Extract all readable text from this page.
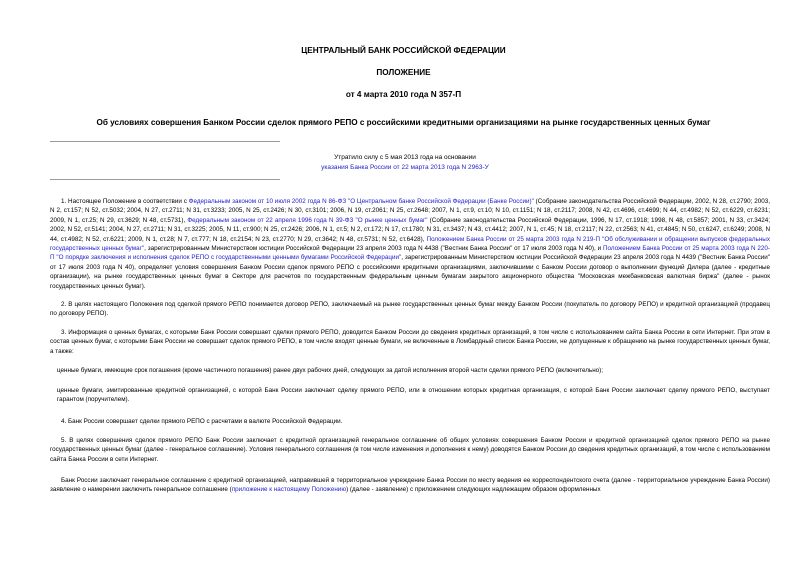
ЦЕНТРАЛЬНЫЙ БАНК РОССИЙСКОЙ ФЕДЕРАЦИИ
ПОЛОЖЕНИЕ
от 4 марта 2010 года N 357-П
Об условиях совершения Банком России сделок прямого РЕПО с российскими кредитными организациями на рынке государственных ценных бумаг
Утратило силу с 5 мая 2013 года на основании
указания Банка России от 22 марта 2013 года N 2963-У
1. Настоящее Положение в соответствии с Федеральным законом от 10 июля 2002 года N 86-ФЗ "О Центральном банке Российской Федерации (Банке России)" (Собрание законодательства Российской Федерации, 2002, N 28, ст.2790; 2003, N 2, ст.157; N 52, ст.5032; 2004, N 27, ст.2711; N 31, ст.3233; 2005, N 25, ст.2426; N 30, ст.3101; 2006, N 19, ст.2061; N 25, ст.2648; 2007, N 1, ст.9, ст.10; N 10, ст.1151; N 18, ст.2117; 2008, N 42, ст.4696, ст.4699; N 44, ст.4982; N 52, ст.6229, ст.6231; 2009, N 1, ст.25; N 29, ст.3629; N 48, ст.5731), Федеральным законом от 22 апреля 1996 года N 39-ФЗ "О рынке ценных бумаг" (Собрание законодательства Российской Федерации, 1996, N 17, ст.1918; 1998, N 48, ст.5857; 2001, N 33, ст.3424; 2002, N 52, ст.5141; 2004, N 27, ст.2711; N 31, ст.3225; 2005, N 11, ст.900; N 25, ст.2426; 2006, N 1, ст.5; N 2, ст.172; N 17, ст.1780; N 31, ст.3437; N 43, ст.4412; 2007, N 1, ст.45; N 18, ст.2117; N 22, ст.2563; N 41, ст.4845; N 50, ст.6247, ст.6249; 2008, N 44, ст.4982; N 52, ст.6221; 2009, N 1, ст.28; N 7, ст.777; N 18, ст.2154; N 23, ст.2770; N 29, ст.3642; N 48, ст.5731; N 52, ст.6428), Положением Банка России от 25 марта 2003 года N 219-П "Об обслуживании и обращении выпусков федеральных государственных ценных бумаг", зарегистрированным Министерством юстиции Российской Федерации 23 апреля 2003 года N 4438 ("Вестник Банка России" от 17 июля 2003 года N 40), и Положением Банка России от 25 марта 2003 года N 220-П "О порядке заключения и исполнения сделок РЕПО с государственными ценными бумагами Российской Федерации", зарегистрированным Министерством юстиции Российской Федерации 23 апреля 2003 года N 4439 ("Вестник Банка России" от 17 июля 2003 года N 40), определяет условия совершения Банком России сделок прямого РЕПО с российскими кредитными организациями, заключившими с Банком России договор о выполнении функций Дилера (далее - кредитные организации), на рынке государственных ценных бумаг в Секторе для расчетов по государственным федеральным ценным бумагам закрытого акционерного общества "Московская межбанковская валютная биржа" (далее - рынок государственных ценных бумаг).
2. В целях настоящего Положения под сделкой прямого РЕПО понимается договор РЕПО, заключаемый на рынке государственных ценных бумаг между Банком России (покупатель по договору РЕПО) и кредитной организацией (продавец по договору РЕПО).
3. Информация о ценных бумагах, с которыми Банк России совершает сделки прямого РЕПО, доводится Банком России до сведения кредитных организаций, в том числе с использованием сайта Банка России в сети Интернет. При этом в состав ценных бумаг, с которыми Банк России не совершает сделок прямого РЕПО, в том числе входят ценные бумаги, не включенные в Ломбардный список Банка России, не допущенные к обращению на рынке государственных ценных бумаг, а также:
ценные бумаги, имеющие срок погашения (кроме частичного погашения) ранее двух рабочих дней, следующих за датой исполнения второй части сделки прямого РЕПО (включительно);
ценные бумаги, эмитированные кредитной организацией, с которой Банк России заключает сделку прямого РЕПО, или в отношении которых кредитная организация, с которой Банк России заключает сделку прямого РЕПО, выступает гарантом (поручителем).
4. Банк России совершает сделки прямого РЕПО с расчетами в валюте Российской Федерации.
5. В целях совершения сделок прямого РЕПО Банк России заключает с кредитной организацией генеральное соглашение об общих условиях совершения Банком России и кредитной организацией сделок прямого РЕПО на рынке государственных ценных бумаг (далее - генеральное соглашение). Условия генерального соглашения (в том числе изменения и дополнения к нему) доводятся Банком России до сведения кредитных организаций, в том числе с использованием сайта Банка России в сети Интернет.
Банк России заключает генеральное соглашение с кредитной организацией, направившей в территориальное учреждение Банка России по месту ведения ее корреспондентского счета (далее - территориальное учреждение Банка России) заявление о намерении заключить генеральное соглашение (приложение к настоящему Положению) (далее - заявление) с приложением следующих надлежащим образом оформленных
